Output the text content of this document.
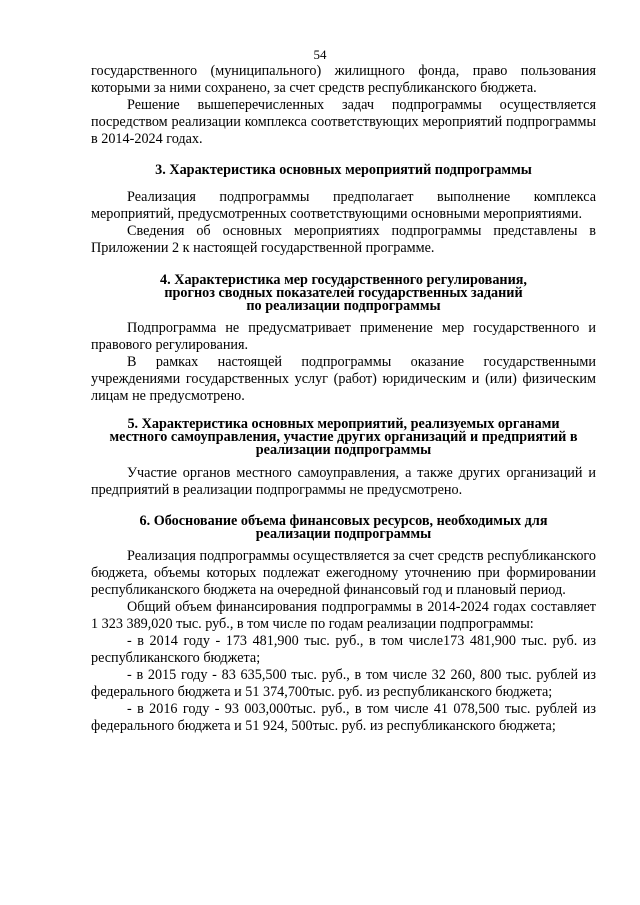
54

государственного (муниципального) жилищного фонда, право пользования которыми за ними сохранено, за счет средств республиканского бюджета.

Решение вышеперечисленных задач подпрограммы осуществляется посредством реализации комплекса соответствующих мероприятий подпрограммы в 2014-2024 годах.

3. Характеристика основных мероприятий подпрограммы

Реализация подпрограммы предполагает выполнение комплекса мероприятий, предусмотренных соответствующими основными мероприятиями.

Сведения об основных мероприятиях подпрограммы представлены в Приложении 2 к настоящей государственной программе.

4. Характеристика мер государственного регулирования,
прогноз сводных показателей государственных заданий
по реализации подпрограммы

Подпрограмма не предусматривает применение мер государственного и правового регулирования.

В рамках настоящей подпрограммы оказание государственными учреждениями государственных услуг (работ) юридическим и (или) физическим лицам не предусмотрено.

5. Характеристика основных мероприятий, реализуемых органами
местного самоуправления, участие других организаций и предприятий в
реализации подпрограммы

Участие органов местного самоуправления, а также других организаций и предприятий в реализации подпрограммы не предусмотрено.

6. Обоснование объема финансовых ресурсов, необходимых для
реализации подпрограммы

Реализация подпрограммы осуществляется за счет средств республиканского бюджета, объемы которых подлежат ежегодному уточнению при формировании республиканского бюджета на очередной финансовый год и плановый период.

Общий объем финансирования подпрограммы в 2014-2024 годах составляет 1 323 389,020 тыс. руб., в том числе по годам реализации подпрограммы:

- в 2014 году - 173 481,900 тыс. руб., в том числе173 481,900 тыс. руб. из республиканского бюджета;

- в 2015 году - 83 635,500 тыс. руб., в том числе 32 260, 800 тыс. рублей из федерального бюджета и 51 374,700тыс. руб. из республиканского бюджета;

- в 2016 году - 93 003,000тыс. руб., в том числе 41 078,500 тыс. рублей из федерального бюджета и 51 924, 500тыс. руб. из республиканского бюджета;
